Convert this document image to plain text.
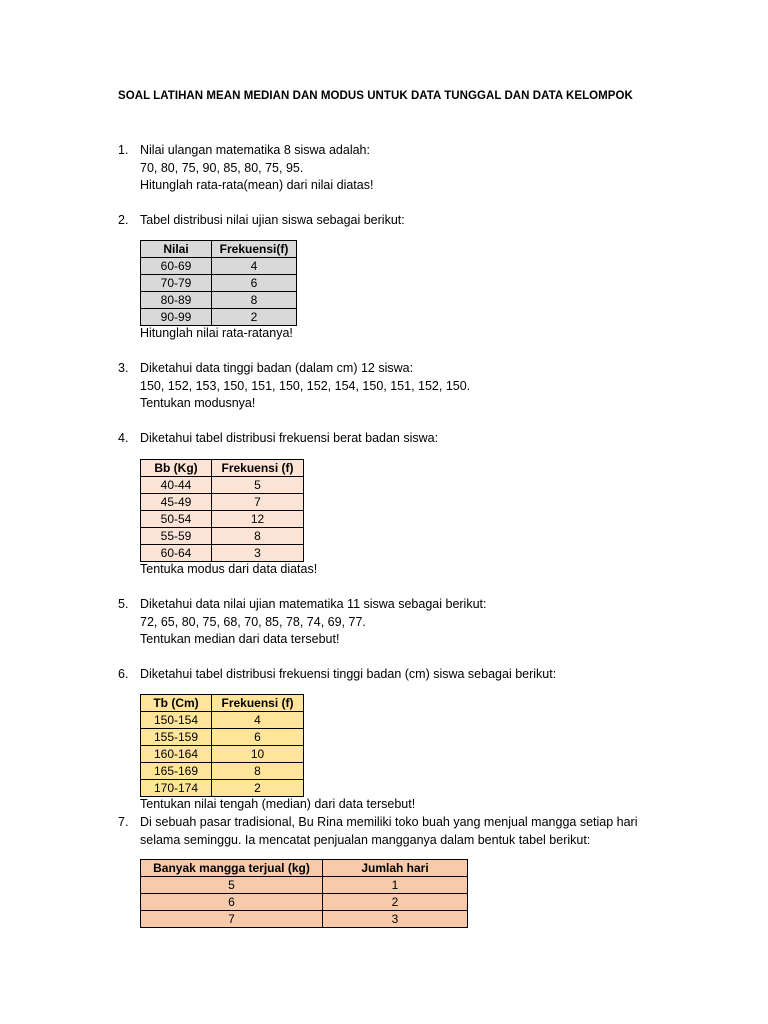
SOAL LATIHAN MEAN MEDIAN DAN MODUS UNTUK DATA TUNGGAL DAN DATA KELOMPOK
1. Nilai ulangan matematika 8 siswa adalah:
70, 80, 75, 90, 85, 80, 75, 95.
Hitunglah rata-rata(mean) dari nilai diatas!
2. Tabel distribusi nilai ujian siswa sebagai berikut:
Nilai	Frekuensi(f)
60-69	4
70-79	6
80-89	8
90-99	2
Hitunglah nilai rata-ratanya!
3. Diketahui data tinggi badan (dalam cm) 12 siswa:
150, 152, 153, 150, 151, 150, 152, 154, 150, 151, 152, 150.
Tentukan modusnya!
4. Diketahui tabel distribusi frekuensi berat badan siswa:
Bb (Kg)	Frekuensi (f)
40-44	5
45-49	7
50-54	12
55-59	8
60-64	3
Tentuka modus dari data diatas!
5. Diketahui data nilai ujian matematika 11 siswa sebagai berikut:
72, 65, 80, 75, 68, 70, 85, 78, 74, 69, 77.
Tentukan median dari data tersebut!
6. Diketahui tabel distribusi frekuensi tinggi badan (cm) siswa sebagai berikut:
Tb (Cm)	Frekuensi (f)
150-154	4
155-159	6
160-164	10
165-169	8
170-174	2
Tentukan nilai tengah (median) dari data tersebut!
7. Di sebuah pasar tradisional, Bu Rina memiliki toko buah yang menjual mangga setiap hari
selama seminggu. Ia mencatat penjualan mangganya dalam bentuk tabel berikut:
Banyak mangga terjual (kg)	Jumlah hari
5	1
6	2
7	3
